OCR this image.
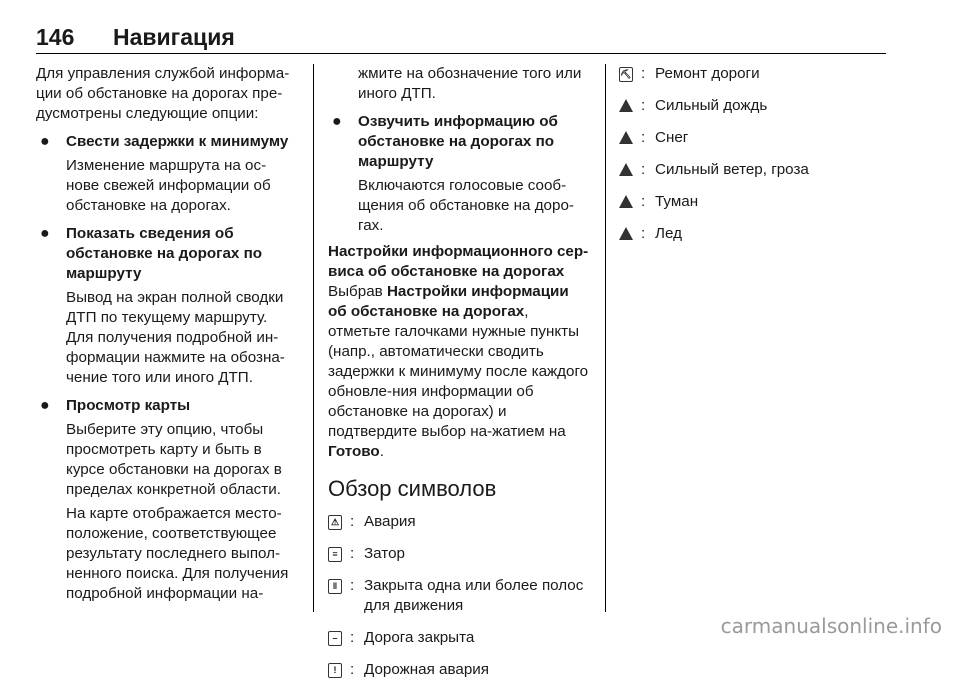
146 Навигация

Для управления службой информа-ции об обстановке на дорогах пре-дусмотрены следующие опции:

● Свести задержки к минимуму

Изменение маршрута на ос-нове свежей информации об обстановке на дорогах.

● Показать сведения об обстановке на дорогах по маршруту

Вывод на экран полной сводки ДТП по текущему маршруту. Для получения подробной ин-формации нажмите на обозна-чение того или иного ДТП.

● Просмотр карты

Выберите эту опцию, чтобы просмотреть карту и быть в курсе обстановки на дорогах в пределах конкретной области.

На карте отображается место-положение, соответствующее результату последнего выпол-ненного поиска. Для получения подробной информации на-

жмите на обозначение того или иного ДТП.

● Озвучить информацию об обстановке на дорогах по маршруту

Включаются голосовые сооб-щения об обстановке на доро-гах.

Настройки информационного сер-виса об обстановке на дорогах

Выбрав Настройки информации об обстановке на дорогах, отметьте галочками нужные пункты (напр., автоматически сводить задержки к минимуму после каждого обновле-ния информации об обстановке на дорогах) и подтвердите выбор на-жатием на Готово.

Обзор символов

⚠ : Авария
≡ : Затор
‖ : Закрыта одна или более полос для движения
– : Дорога закрыта
! : Дорожная авария
⛏ : Ремонт дороги
: Сильный дождь
: Снег
: Сильный ветер, гроза
: Туман
: Лед
carmanualsonline.info
